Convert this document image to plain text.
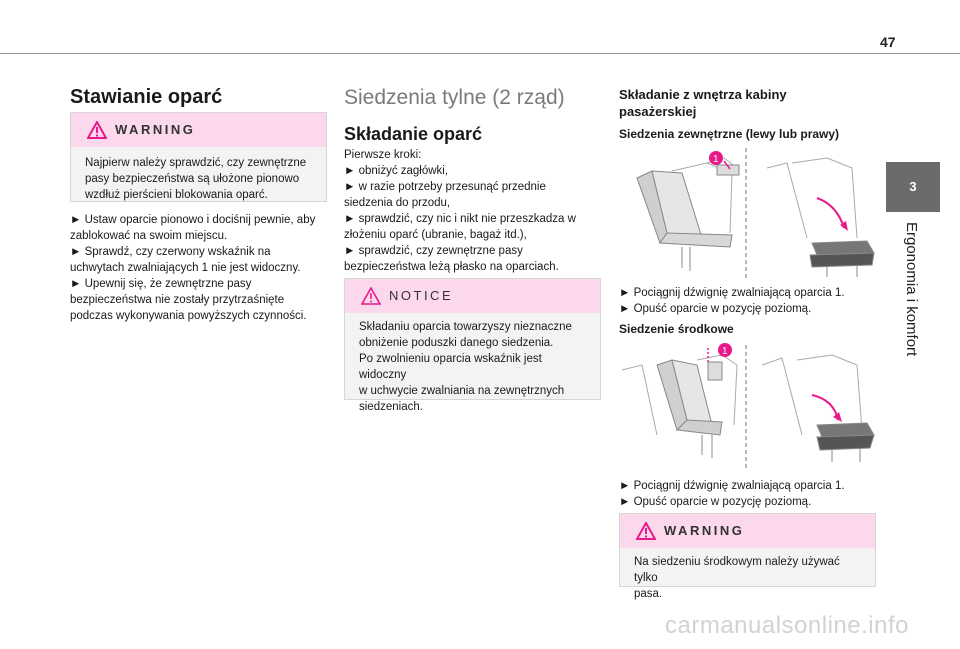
47
3
Ergonomia i komfort
Stawianie oparć
WARNING
Najpierw należy sprawdzić, czy zewnętrzne
pasy bezpieczeństwa są ułożone pionowo
wzdłuż pierścieni blokowania oparć.
► Ustaw oparcie pionowo i dociśnij pewnie, aby
zablokować na swoim miejscu.
► Sprawdź, czy czerwony wskaźnik na
uchwytach zwalniających 1 nie jest widoczny.
► Upewnij się, że zewnętrzne pasy
bezpieczeństwa nie zostały przytrzaśnięte
podczas wykonywania powyższych czynności.
Siedzenia tylne (2 rząd)
Składanie oparć
Pierwsze kroki:
► obniżyć zagłówki,
► w razie potrzeby przesunąć przednie
siedzenia do przodu,
► sprawdzić, czy nic i nikt nie przeszkadza w
złożeniu oparć (ubranie, bagaż itd.),
► sprawdzić, czy zewnętrzne pasy
bezpieczeństwa leżą płasko na oparciach.
NOTICE
Składaniu oparcia towarzyszy nieznaczne
obniżenie poduszki danego siedzenia.
Po zwolnieniu oparcia wskaźnik jest widoczny
w uchwycie zwalniania na zewnętrznych
siedzeniach.
Składanie z wnętrza kabiny
pasażerskiej
Siedzenia zewnętrzne (lewy lub prawy)
1
► Pociągnij dźwignię zwalniającą oparcia 1.
► Opuść oparcie w pozycję poziomą.
Siedzenie środkowe
1
► Pociągnij dźwignię zwalniającą oparcia 1.
► Opuść oparcie w pozycję poziomą.
WARNING
Na siedzeniu środkowym należy używać tylko
pasa.
carmanualsonline.info
